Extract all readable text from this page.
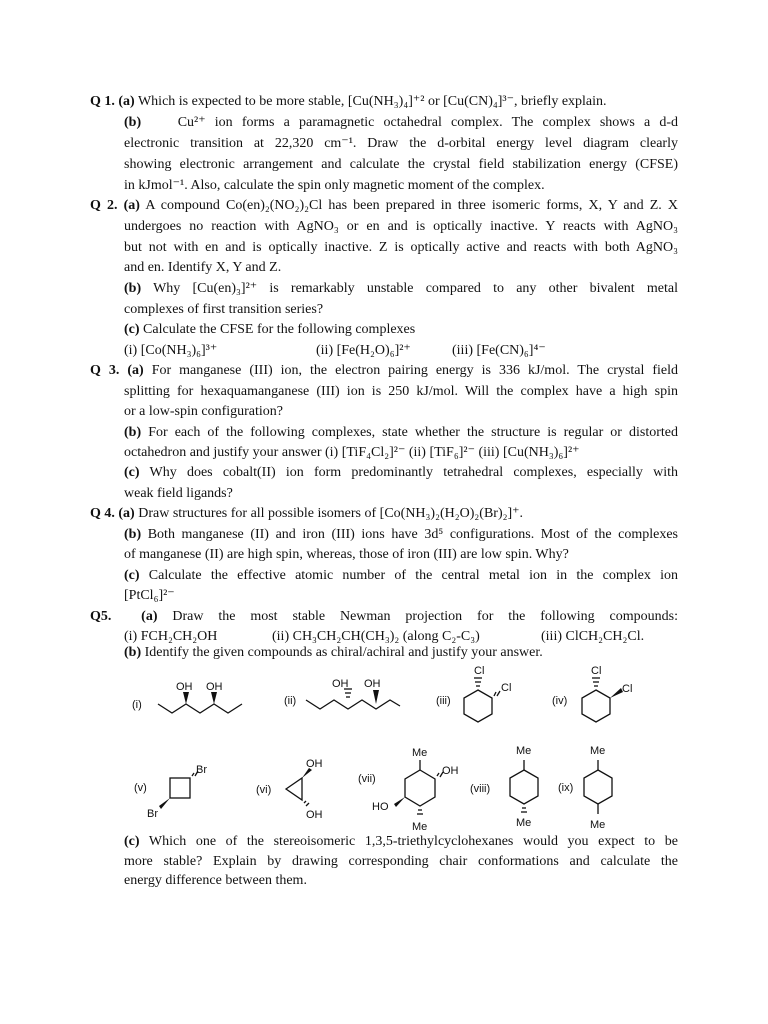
Q 1. (a) Which is expected to be more stable, [Cu(NH₃)₄]⁺² or [Cu(CN)₄]³⁻, briefly explain.
(b)	Cu²⁺ ion forms a paramagnetic octahedral complex. The complex shows a d-d
electronic transition at 22,320 cm⁻¹. Draw the d-orbital energy level diagram clearly
showing electronic arrangement and calculate the crystal field stabilization energy (CFSE)
in kJmol⁻¹. Also, calculate the spin only magnetic moment of the complex.
Q 2. (a) A compound Co(en)₂(NO₂)₂Cl has been prepared in three isomeric forms, X, Y and Z. X
undergoes no reaction with AgNO₃ or en and is optically inactive. Y reacts with AgNO₃
but not with en and is optically inactive. Z is optically active and reacts with both AgNO₃
and en. Identify X, Y and Z.
(b) Why [Cu(en)₃]²⁺ is remarkably unstable compared to any other bivalent metal
complexes of first transition series?
(c) Calculate the CFSE for the following complexes
(i) [Co(NH₃)₆]³⁺	(ii) [Fe(H₂O)₆]²⁺	(iii) [Fe(CN)₆]⁴⁻
Q 3. (a) For manganese (III) ion, the electron pairing energy is 336 kJ/mol. The crystal field
splitting for hexaquamanganese (III) ion is 250 kJ/mol. Will the complex have a high spin
or a low-spin configuration?
(b) For each of the following complexes, state whether the structure is regular or distorted
octahedron and justify your answer (i) [TiF₄Cl₂]²⁻ (ii) [TiF₆]²⁻ (iii) [Cu(NH₃)₆]²⁺
(c) Why does cobalt(II) ion form predominantly tetrahedral complexes, especially with
weak field ligands?
Q 4. (a) Draw structures for all possible isomers of [Co(NH₃)₂(H₂O)₂(Br)₂]⁺.
(b) Both manganese (II) and iron (III) ions have 3d⁵ configurations. Most of the complexes
of manganese (II) are high spin, whereas, those of iron (III) are low spin. Why?
(c) Calculate the effective atomic number of the central metal ion in the complex ion
[PtCl₆]²⁻
Q5. (a) Draw the most stable Newman projection for the following compounds:
(i) FCH₂CH₂OH	(ii) CH₃CH₂CH(CH₃)₂ (along C₂-C₃)	(iii) ClCH₂CH₂Cl.
(b) Identify the given compounds as chiral/achiral and justify your answer.
(i)
OH OH
(ii)
OH OH
(iii)
Cl
Cl
(iv)
Cl
Cl
(v)
Br
Br
(vi)
OH
OH
(vii)
Me
OH
HO
Me
(viii)
Me
Me
(ix)
Me
Me
(c) Which one of the stereoisomeric 1,3,5-triethylcyclohexanes would you expect to be
more stable? Explain by drawing corresponding chair conformations and calculate the
energy difference between them.
